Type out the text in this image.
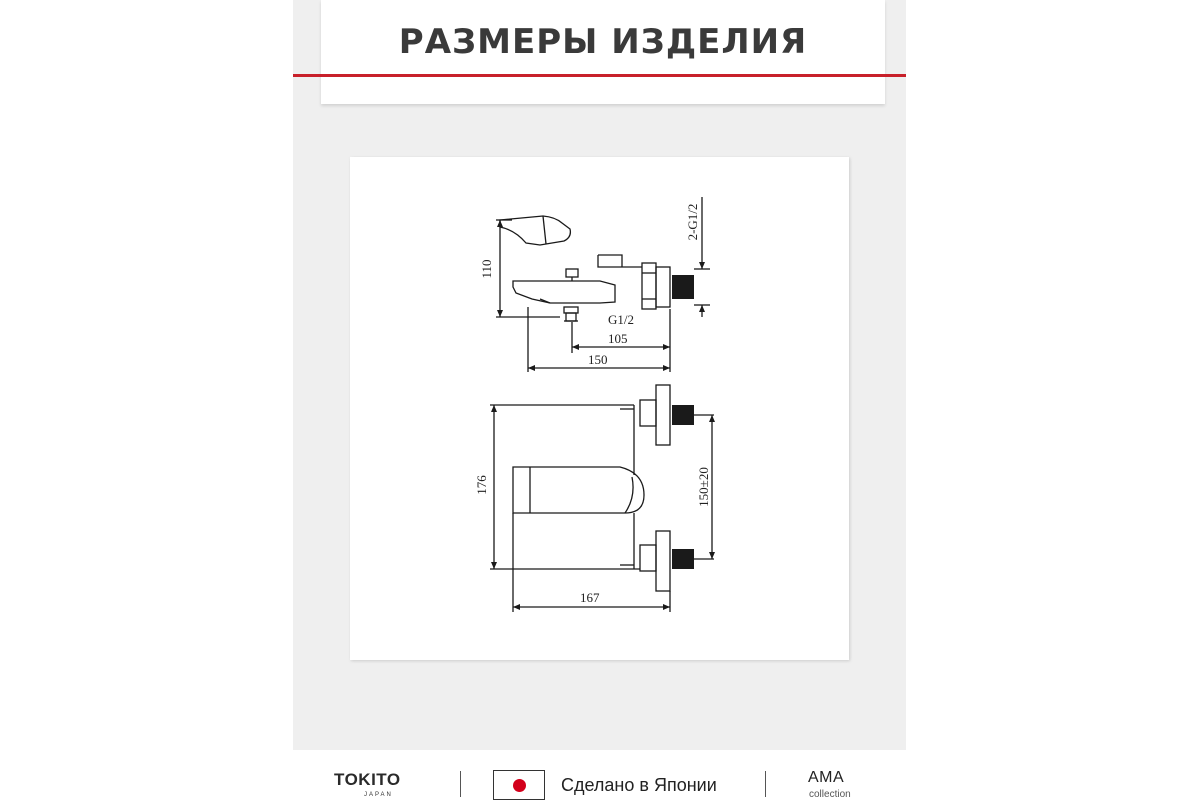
РАЗМЕРЫ ИЗДЕЛИЯ
110
2-G1/2
G1/2
105
150
176	150±20
167
TOKITO
JAPAN	Сделано в Японии	AMA
collection
